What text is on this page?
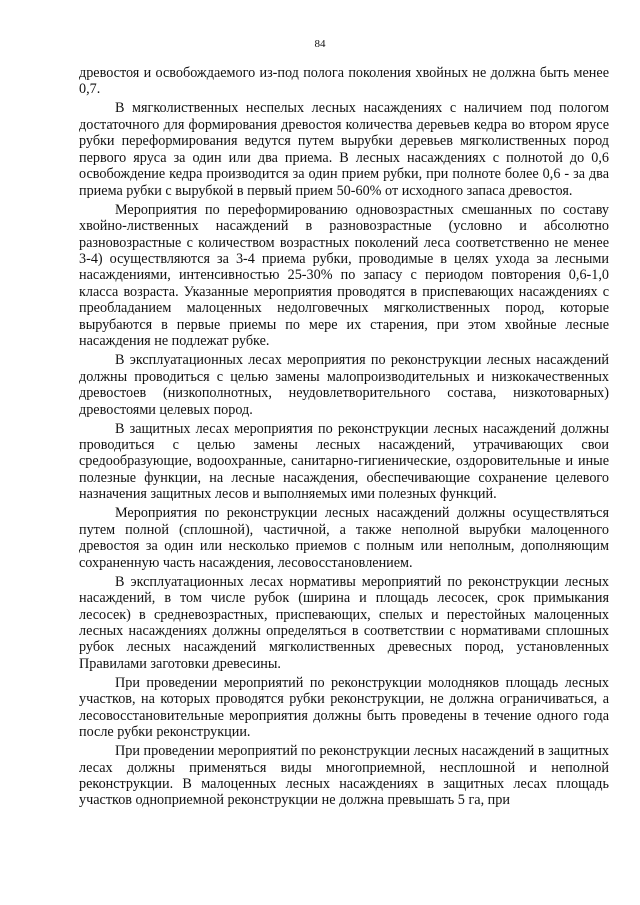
84

древостоя и освобождаемого из-под полога поколения хвойных не должна быть менее 0,7.

В мягколиственных неспелых лесных насаждениях с наличием под пологом достаточного для формирования древостоя количества деревьев кедра во втором ярусе рубки переформирования ведутся путем вырубки деревьев мягколиственных пород первого яруса за один или два приема. В лесных насаждениях с полнотой до 0,6 освобождение кедра производится за один прием рубки, при полноте более 0,6 - за два приема рубки с вырубкой в первый прием 50-60% от исходного запаса древостоя.

Мероприятия по переформированию одновозрастных смешанных по составу хвойно-лиственных насаждений в разновозрастные (условно и абсолютно разновозрастные с количеством возрастных поколений леса соответственно не менее 3-4) осуществляются за 3-4 приема рубки, проводимые в целях ухода за лесными насаждениями, интенсивностью 25-30% по запасу с периодом повторения 0,6-1,0 класса возраста. Указанные мероприятия проводятся в приспевающих насаждениях с преобладанием малоценных недолговечных мягколиственных пород, которые вырубаются в первые приемы по мере их старения, при этом хвойные лесные насаждения не подлежат рубке.

В эксплуатационных лесах мероприятия по реконструкции лесных насаждений должны проводиться с целью замены малопроизводительных и низкокачественных древостоев (низкополнотных, неудовлетворительного состава, низкотоварных) древостоями целевых пород.

В защитных лесах мероприятия по реконструкции лесных насаждений должны проводиться с целью замены лесных насаждений, утрачивающих свои средообразующие, водоохранные, санитарно-гигиенические, оздоровительные и иные полезные функции, на лесные насаждения, обеспечивающие сохранение целевого назначения защитных лесов и выполняемых ими полезных функций.

Мероприятия по реконструкции лесных насаждений должны осуществляться путем полной (сплошной), частичной, а также неполной вырубки малоценного древостоя за один или несколько приемов с полным или неполным, дополняющим сохраненную часть насаждения, лесовосстановлением.

В эксплуатационных лесах нормативы мероприятий по реконструкции лесных насаждений, в том числе рубок (ширина и площадь лесосек, срок примыкания лесосек) в средневозрастных, приспевающих, спелых и перестойных малоценных лесных насаждениях должны определяться в соответствии с нормативами сплошных рубок лесных насаждений мягколиственных древесных пород, установленных Правилами заготовки древесины.

При проведении мероприятий по реконструкции молодняков площадь лесных участков, на которых проводятся рубки реконструкции, не должна ограничиваться, а лесовосстановительные мероприятия должны быть проведены в течение одного года после рубки реконструкции.

При проведении мероприятий по реконструкции лесных насаждений в защитных лесах должны применяться виды многоприемной, несплошной и неполной реконструкции. В малоценных лесных насаждениях в защитных лесах площадь участков одноприемной реконструкции не должна превышать 5 га, при
